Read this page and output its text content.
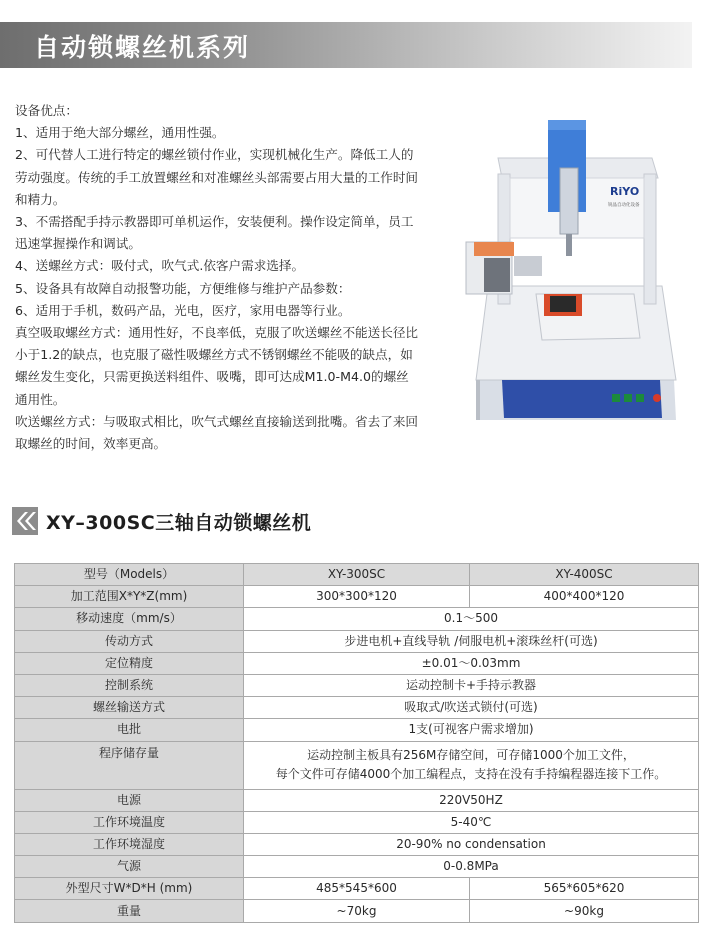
自动锁螺丝机系列

设备优点：

1、适用于绝大部分螺丝，通用性强。

2、可代替人工进行特定的螺丝锁付作业，实现机械化生产。降低工人的

劳动强度。传统的手工放置螺丝和对准螺丝头部需要占用大量的工作时间

和精力。

3、不需搭配手持示教器即可单机运作，安装便利。操作设定简单，员工

迅速掌握操作和调试。

4、送螺丝方式：吸付式，吹气式.依客户需求选择。

5、设备具有故障自动报警功能，方便维修与维护产品参数：

6、适用于手机，数码产品，光电，医疗，家用电器等行业。

真空吸取螺丝方式：通用性好，不良率低，克服了吹送螺丝不能送长径比

小于1.2的缺点，也克服了磁性吸螺丝方式不锈钢螺丝不能吸的缺点，如

螺丝发生变化，只需更换送料组件、吸嘴，即可达成M1.0-M4.0的螺丝

通用性。

吹送螺丝方式：与吸取式相比，吹气式螺丝直接输送到批嘴。省去了来回

取螺丝的时间，效率更高。

RiYO
锐晶自动化设备
XY–300SC三轴自动锁螺丝机
型号（Models）	XY-300SC	XY-400SC
加工范围X*Y*Z(mm)	300*300*120	400*400*120
移动速度（mm/s）	0.1～500	
传动方式	步进电机+直线导轨 /伺服电机+滚珠丝杆(可选)	
定位精度	±0.01～0.03mm	
控制系统	运动控制卡+手持示教器	
螺丝输送方式	吸取式/吹送式锁付(可选)	
电批	1支(可视客户需求增加)	
程序储存量	运动控制主板具有256M存储空间，可存储1000个加工文件，
每个文件可存储4000个加工编程点，支持在没有手持编程器连接下工作。	

电源	220V50HZ	
工作环境温度	5-40℃	
工作环境湿度	20-90% no condensation	
气源	0-0.8MPa	
外型尺寸W*D*H (mm)	485*545*600	565*605*620
重量	~70kg	~90kg
